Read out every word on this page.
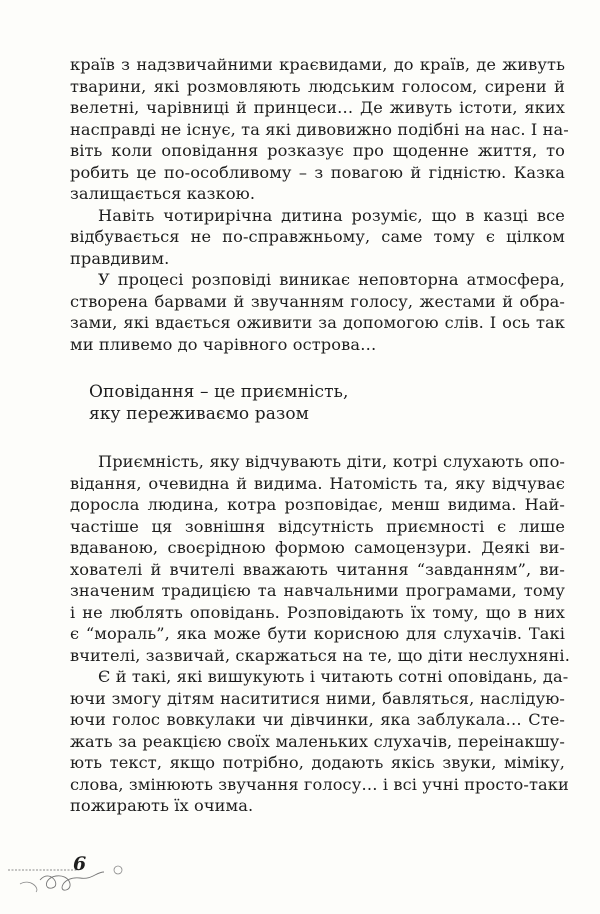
країв з надзвичайними краєвидами, до країв, де живуть
тварини, які розмовляють людським голосом, сирени й
велетні, чарівниці й принцеси… Де живуть істоти, яких
насправді не існує, та які дивовижно подібні на нас. І на-
віть коли оповідання розказує про щоденне життя, то
робить це по-особливому – з повагою й гідністю. Казка
залищається казкою.
Навіть чотирирічна дитина розуміє, що в казці все
відбувається не по-справжньому, саме тому є цілком
правдивим.
У процесі розповіді виникає неповторна атмосфера,
створена барвами й звучанням голосу, жестами й обра-
зами, які вдається оживити за допомогою слів. І ось так
ми пливемо до чарівного острова…
Оповідання – це приємність,
яку переживаємо разом
Приємність, яку відчувають діти, котрі слухають опо-
відання, очевидна й видима. Натомість та, яку відчуває
доросла людина, котра розповідає, менш видима. Най-
частіше ця зовнішня відсутність приємності є лише
вдаваною, своєрідною формою самоцензури. Деякі ви-
хователі й вчителі вважають читання “завданням”, ви-
значеним традицією та навчальними програмами, тому
і не люблять оповідань. Розповідають їх тому, що в них
є “мораль”, яка може бути корисною для слухачів. Такі
вчителі, зазвичай, скаржаться на те, що діти неслухняні.
Є й такі, які вишукують і читають сотні оповідань, да-
ючи змогу дітям насититися ними, бавляться, наслідую-
ючи голос вовкулаки чи дівчинки, яка заблукала… Сте-
жать за реакцією своїх маленьких слухачів, переінакшу-
ють текст, якщо потрібно, додають якісь звуки, міміку,
слова, змінюють звучання голосу… і всі учні просто-таки
пожирають їх очима.
6
